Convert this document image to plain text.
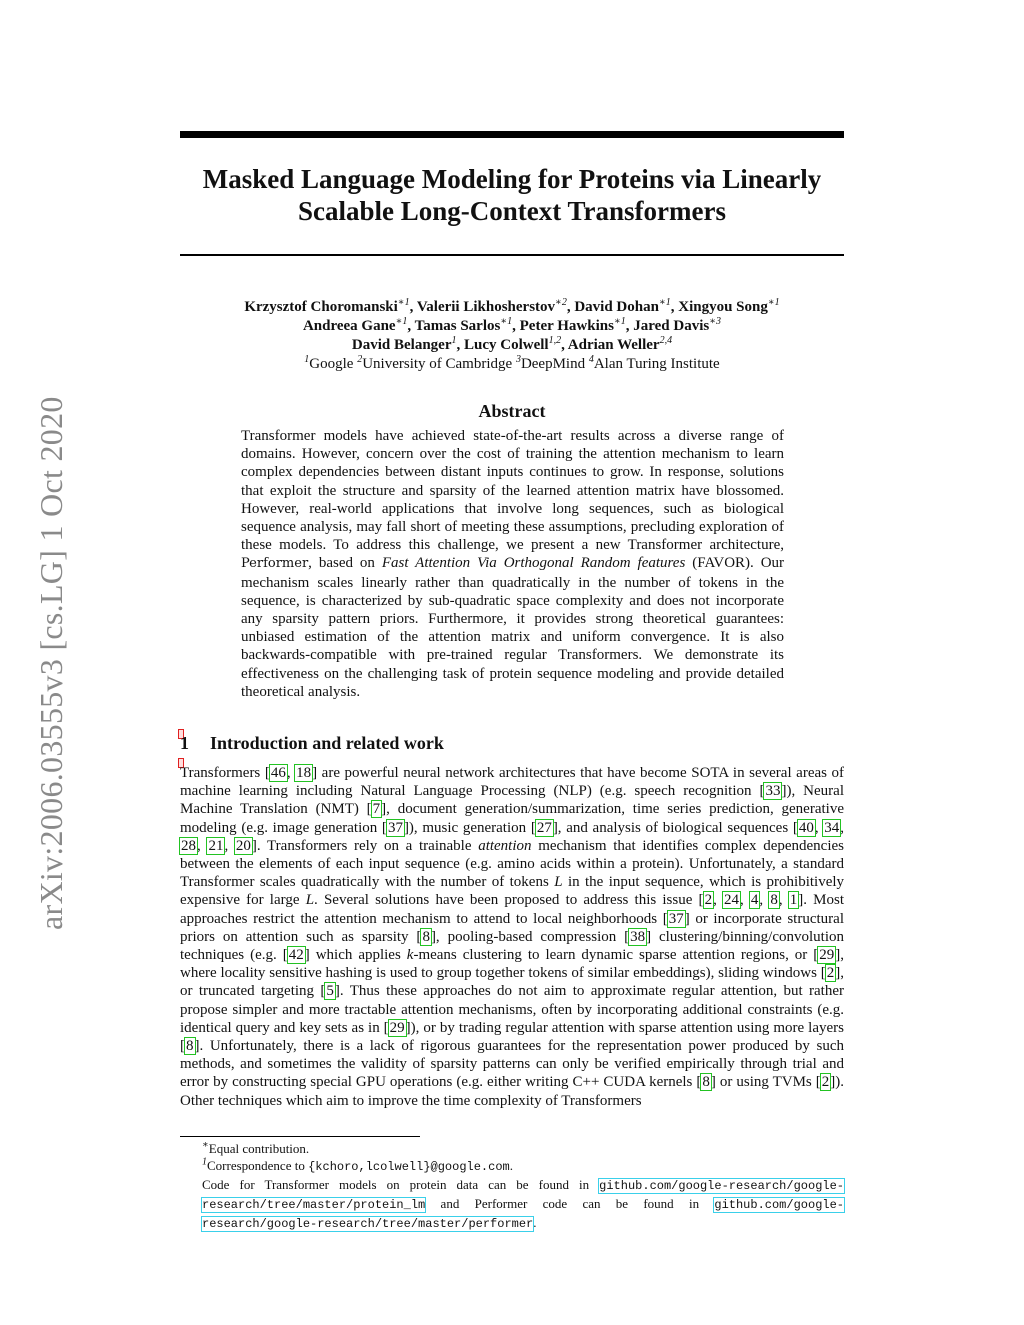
arXiv:2006.03555v3 [cs.LG] 1 Oct 2020
Masked Language Modeling for Proteins via Linearly
Scalable Long-Context Transformers
Krzysztof Choromanski$^{∗1}$, Valerii Likhosherstov$^{∗2}$, David Dohan$^{∗1}$, Xingyou Song$^{∗1}$
Andreea Gane$^{∗1}$, Tamas Sarlos$^{∗1}$, Peter Hawkins$^{∗1}$, Jared Davis$^{∗3}$
David Belanger$^1$, Lucy Colwell$^{1,2}$, Adrian Weller$^{2,4}$
$^1$Google $^2$University of Cambridge $^3$DeepMind $^4$Alan Turing Institute
Abstract
Transformer models have achieved state-of-the-art results across a diverse range of domains. However, concern over the cost of training the attention mechanism to learn complex dependencies between distant inputs continues to grow. In response, solutions that exploit the structure and sparsity of the learned attention matrix have blossomed. However, real-world applications that involve long sequences, such as biological sequence analysis, may fall short of meeting these assumptions, precluding exploration of these models. To address this challenge, we present a new Transformer architecture, Performer, based on Fast Attention Via Orthogonal Random features (FAVOR). Our mechanism scales linearly rather than quadratically in the number of tokens in the sequence, is characterized by sub-quadratic space complexity and does not incorporate any sparsity pattern priors. Furthermore, it provides strong theoretical guarantees: unbiased estimation of the attention matrix and uniform convergence. It is also backwards-compatible with pre-trained regular Transformers. We demonstrate its effectiveness on the challenging task of protein sequence modeling and provide detailed theoretical analysis.
1 Introduction and related work
Transformers [46, 18] are powerful neural network architectures that have become SOTA in several areas of machine learning including Natural Language Processing (NLP) (e.g. speech recognition [33]), Neural Machine Translation (NMT) [7], document generation/summarization, time series prediction, generative modeling (e.g. image generation [37]), music generation [27], and analysis of biological sequences [40, 34, 28, 21, 20]. Transformers rely on a trainable attention mechanism that identifies complex dependencies between the elements of each input sequence (e.g. amino acids within a protein). Unfortunately, a standard Transformer scales quadratically with the number of tokens L in the input sequence, which is prohibitively expensive for large L. Several solutions have been proposed to address this issue [2, 24, 4, 8, 1]. Most approaches restrict the attention mechanism to attend to local neighborhoods [37] or incorporate structural priors on attention such as sparsity [8], pooling-based compression [38] clustering/binning/convolution techniques (e.g. [42] which applies k-means clustering to learn dynamic sparse attention regions, or [29], where locality sensitive hashing is used to group together tokens of similar embeddings), sliding windows [2], or truncated targeting [5]. Thus these approaches do not aim to approximate regular attention, but rather propose simpler and more tractable attention mechanisms, often by incorporating additional constraints (e.g. identical query and key sets as in [29]), or by trading regular attention with sparse attention using more layers [8]. Unfortunately, there is a lack of rigorous guarantees for the representation power produced by such methods, and sometimes the validity of sparsity patterns can only be verified empirically through trial and error by constructing special GPU operations (e.g. either writing C++ CUDA kernels [8] or using TVMs [2]). Other techniques which aim to improve the time complexity of Transformers
∗Equal contribution.
$^1$Correspondence to {kchoro,lcolwell}@google.com.
Code for Transformer models on protein data can be found in github.com/google-research/google-research/tree/master/protein_lm and Performer code can be found in github.com/google-research/google-research/tree/master/performer.
